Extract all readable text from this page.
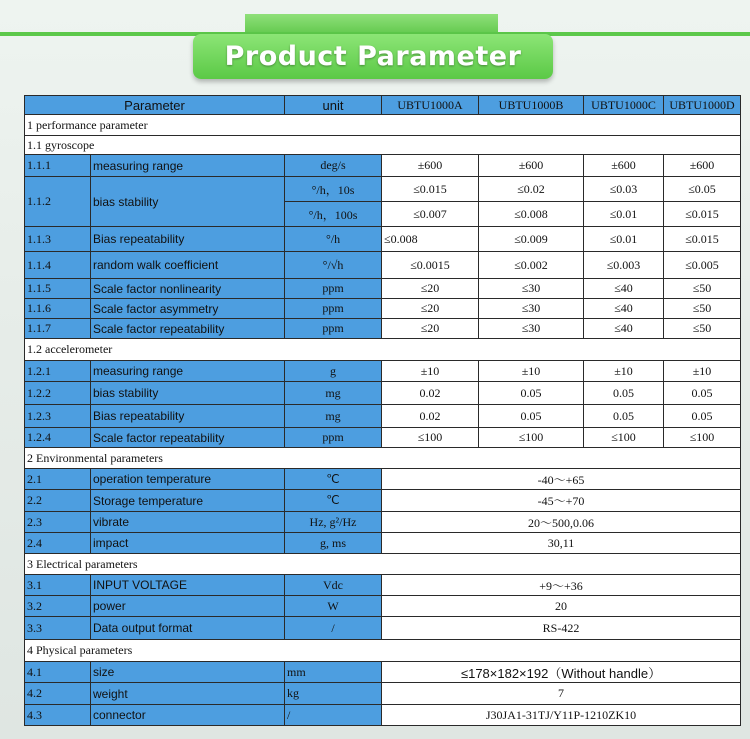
Product Parameter
Parameter		unit	UBTU1000A	UBTU1000B	UBTU1000C	UBTU1000D
1 performance parameter						
1.1 gyroscope						
1.1.1	measuring range	deg/s	±600	±600	±600	±600
1.1.2	bias stability	°/h，10s	≤0.015	≤0.02	≤0.03	≤0.05
		°/h，100s	≤0.007	≤0.008	≤0.01	≤0.015
1.1.3	Bias repeatability	°/h	≤0.008	≤0.009	≤0.01	≤0.015
1.1.4	random walk coefficient	°/√h	≤0.0015	≤0.002	≤0.003	≤0.005
1.1.5	Scale factor nonlinearity	ppm	≤20	≤30	≤40	≤50
1.1.6	Scale factor asymmetry	ppm	≤20	≤30	≤40	≤50
1.1.7	Scale factor repeatability	ppm	≤20	≤30	≤40	≤50
1.2 accelerometer						
1.2.1	measuring range	g	±10	±10	±10	±10
1.2.2	bias stability	mg	0.02	0.05	0.05	0.05
1.2.3	Bias repeatability	mg	0.02	0.05	0.05	0.05
1.2.4	Scale factor repeatability	ppm	≤100	≤100	≤100	≤100
2 Environmental parameters						
2.1	operation temperature	℃	-40～+65			
2.2	Storage temperature	℃	-45～+70			
2.3	vibrate	Hz, g²/Hz	20～500,0.06			
2.4	impact	g, ms	30,11			
3 Electrical parameters						
3.1	INPUT VOLTAGE	Vdc	+9～+36			
3.2	power	W	20			
3.3	Data output format	/	RS-422			
4 Physical parameters						
4.1	size	mm	≤178×182×192（Without handle）			
4.2	weight	kg	7			
4.3	connector	/	J30JA1-31TJ/Y11P-1210ZK10			
